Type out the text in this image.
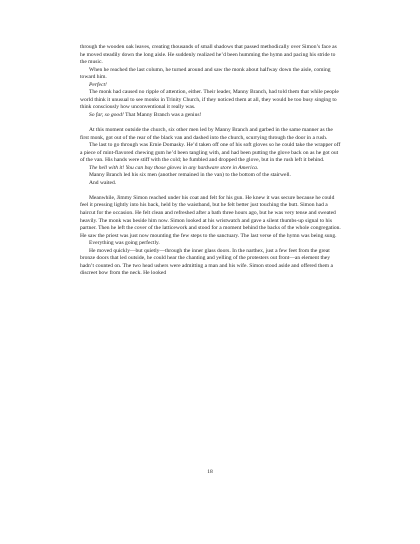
through the wooden oak leaves, creating thousands of small shadows that passed methodically over Simon’s face as he moved steadily down the long aisle. He suddenly realized he’d been humming the hymn and pacing his stride to the music.

When he reached the last column, he turned around and saw the monk about halfway down the aisle, coming toward him.

Perfect!

The monk had caused no ripple of attention, either. Their leader, Manny Branch, had told them that while people world think it unusual to see monks in Trinity Church, if they noticed them at all, they would be too busy singing to think consciously how unconventional it really was.

So far, so good! That Manny Branch was a genius!

At this moment outside the church, six other men led by Manny Branch and garbed in the same manner as the first monk, got out of the rear of the black van and dashed into the church, scurrying through the door in a rush.

The last to go through was Ernie Domasky. He’d taken off one of his soft gloves so he could take the wrapper off a piece of mint-flavored chewing gum he’d been tangling with, and had been putting the glove back on as he got out of the van. His hands were stiff with the cold; he fumbled and dropped the glove, but in the rush left it behind.

The hell with it! You can buy those gloves in any hardware store in America.

Manny Branch led his six men (another remained in the van) to the bottom of the stairwell.

And waited.

Meanwhile, Jimmy Simon reached under his coat and felt for his gun. He knew it was secure because he could feel it pressing lightly into his back, held by the waistband, but he felt better just touching the butt. Simon had a haircut for the occasion. He felt clean and refreshed after a bath three hours ago, but he was very tense and sweated heavily. The monk was beside him now. Simon looked at his wristwatch and gave a silent thumbs-up signal to his partner. Then he left the cover of the latticework and stood for a moment behind the backs of the whole congregation. He saw the priest was just now mounting the few steps to the sanctuary. The last verse of the hymn was being sung.

Everything was going perfectly.

He moved quickly—but quietly—through the inner glass doors. In the narthex, just a few feet from the great bronze doors that led outside, he could hear the chanting and yelling of the protesters out front—an element they hadn’t counted on. The two head ushers were admitting a man and his wife. Simon stood aside and offered them a discreet bow from the neck. He looked

18
